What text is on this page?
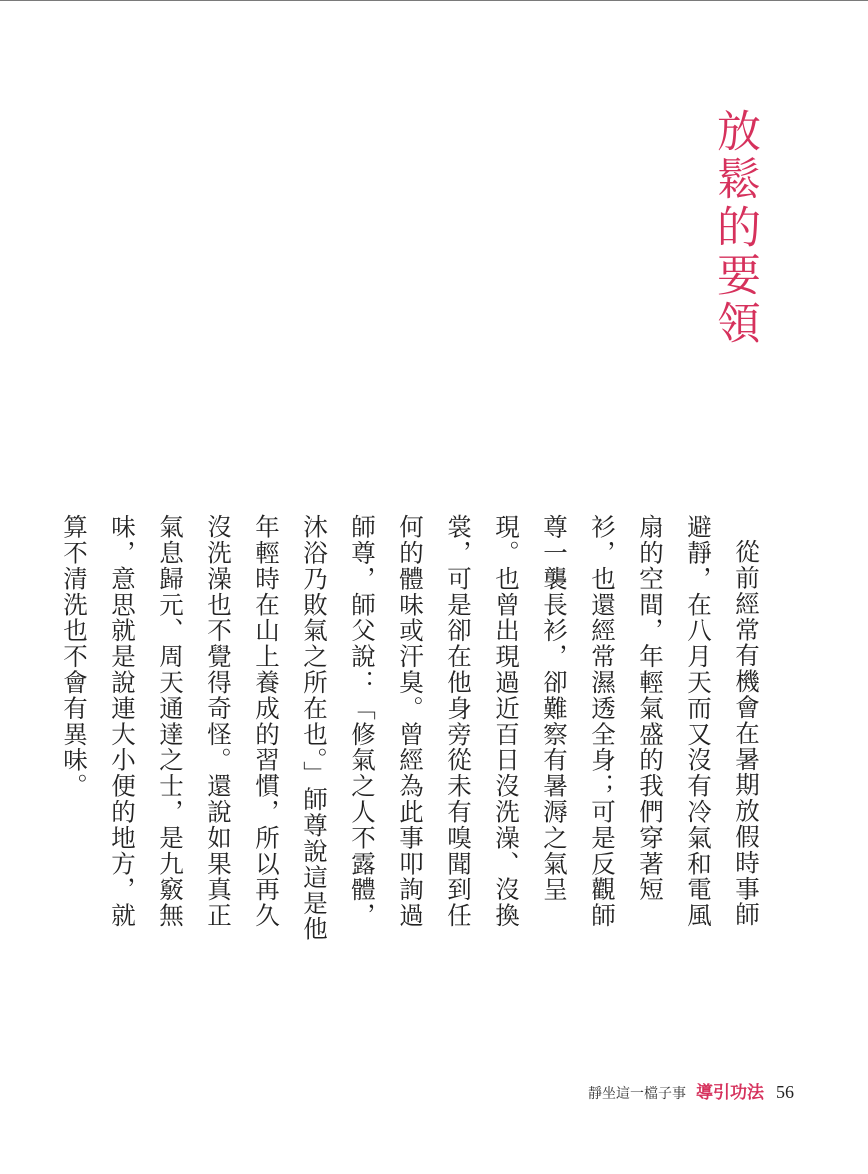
放鬆的要領

從前經常有機會在暑期放假時事師避靜，在八月天而又沒有冷氣和電風扇的空間，年輕氣盛的我們穿著短衫，也還經常濕透全身；可是反觀師尊一襲長衫，卻難察有暑溽之氣呈現。也曾出現過近百日沒洗澡、沒換裳，可是卻在他身旁從未有嗅聞到任何的體味或汗臭。曾經為此事叩詢過師尊，師父說：「修氣之人不露體，沐浴乃敗氣之所在也。」師尊說這是他年輕時在山上養成的習慣，所以再久沒洗澡也不覺得奇怪。還說如果真正氣息歸元、周天通達之士，是九竅無味，意思就是說連大小便的地方，就算不清洗也不會有異味。

靜坐這一檔子事 導引功法 56
